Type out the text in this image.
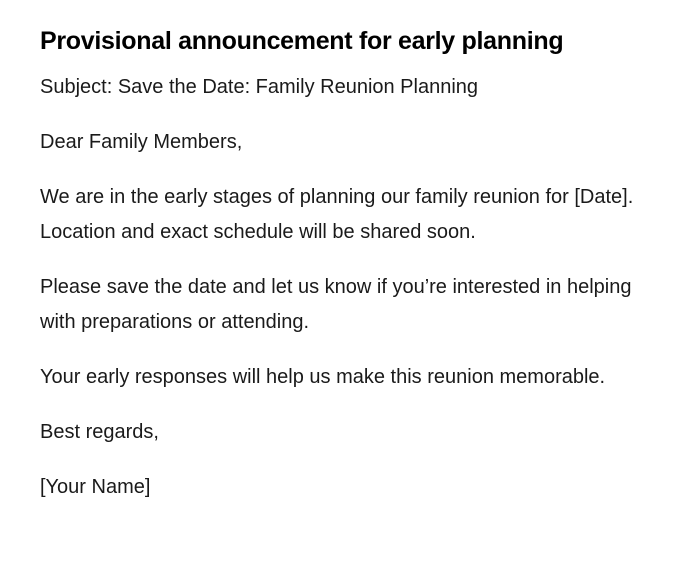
Provisional announcement for early planning

Subject: Save the Date: Family Reunion Planning

Dear Family Members,

We are in the early stages of planning our family reunion for [Date]. Location and exact schedule will be shared soon.

Please save the date and let us know if you’re interested in helping with preparations or attending.

Your early responses will help us make this reunion memorable.

Best regards,

[Your Name]
